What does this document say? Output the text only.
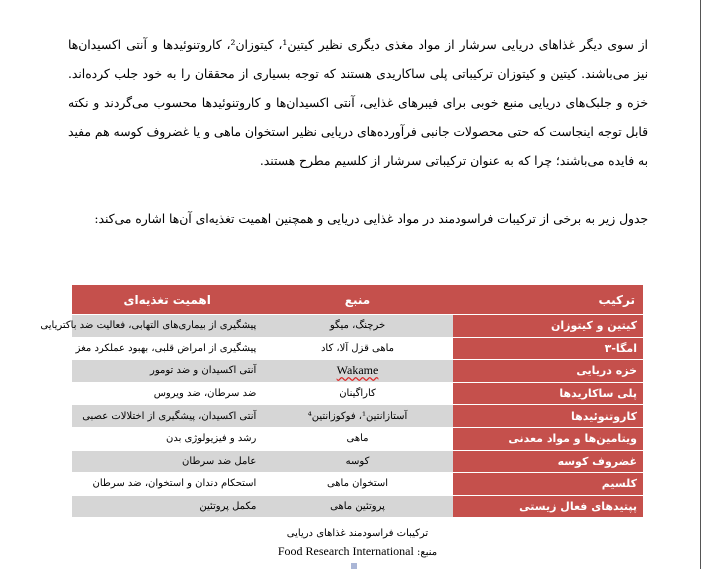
از سوی دیگر غذاهای دریایی سرشار از مواد مغذی دیگری نظیر کیتین¹، کیتوزان²، کاروتنوئیدها و آنتی اکسیدان‌ها نیز می‌باشند. کیتین و کیتوزان ترکیباتی پلی ساکاریدی هستند که توجه بسیاری از محققان را به خود جلب کرده‌اند. خزه و جلبک‌های دریایی منبع خوبی برای فیبرهای غذایی، آنتی اکسیدان‌ها و کاروتنوئیدها محسوب می‌گردند و نکته قابل توجه اینجاست که حتی محصولات جانبی فرآورده‌های دریایی نظیر استخوان ماهی و یا غضروف کوسه هم مفید به فایده می‌باشند؛ چرا که به عنوان ترکیباتی سرشار از کلسیم مطرح هستند.

جدول زیر به برخی از ترکیبات فراسودمند در مواد غذایی دریایی و همچنین اهمیت تغذیه‌ای آن‌ها اشاره می‌کند:

ترکیب	منبع	اهمیت تغذیه‌ای
کیتین و کیتوزان	خرچنگ، میگو	پیشگیری از بیماری‌های التهابی، فعالیت ضد باکتریایی
امگا-۳	ماهی قزل آلا، کاد	پیشگیری از امراض قلبی، بهبود عملکرد مغز
خزه دریایی	Wakame	آنتی اکسیدان و ضد تومور
پلی ساکاریدها	کاراگینان	ضد سرطان، ضد ویروس
کاروتنوئیدها	آستازانتین¹، فوکوزانتین⁴	آنتی اکسیدان، پیشگیری از اختلالات عصبی
ویتامین‌ها و مواد معدنی	ماهی	رشد و فیزیولوژی بدن
غضروف کوسه	کوسه	عامل ضد سرطان
کلسیم	استخوان ماهی	استحکام دندان و استخوان، ضد سرطان
پپتیدهای فعال زیستی	پروتئین ماهی	مکمل پروتئین

ترکیبات فراسودمند غذاهای دریایی

منبع: Food Research International
